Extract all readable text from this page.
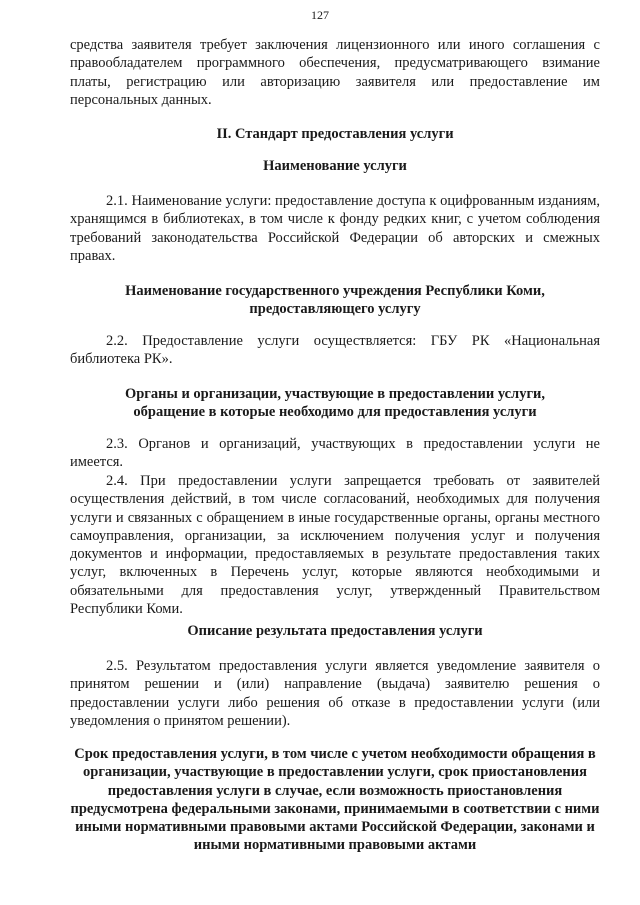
127

средства заявителя требует заключения лицензионного или иного соглашения с правообладателем программного обеспечения, предусматривающего взимание платы, регистрацию или авторизацию заявителя или предоставление им персональных данных.

II. Стандарт предоставления услуги

Наименование услуги

2.1. Наименование услуги: предоставление доступа к оцифрованным изданиям, хранящимся в библиотеках, в том числе к фонду редких книг, с учетом соблюдения требований законодательства Российской Федерации об авторских и смежных правах.

Наименование государственного учреждения Республики Коми,
предоставляющего услугу

2.2. Предоставление услуги осуществляется: ГБУ РК «Национальная библиотека РК».

Органы и организации, участвующие в предоставлении услуги,
обращение в которые необходимо для предоставления услуги

2.3. Органов и организаций, участвующих в предоставлении услуги не имеется.

2.4. При предоставлении услуги запрещается требовать от заявителей осуществления действий, в том числе согласований, необходимых для получения услуги и связанных с обращением в иные государственные органы, органы местного самоуправления, организации, за исключением получения услуг и получения документов и информации, предоставляемых в результате предоставления таких услуг, включенных в Перечень услуг, которые являются необходимыми и обязательными для предоставления услуг, утвержденный Правительством Республики Коми.

Описание результата предоставления услуги

2.5. Результатом предоставления услуги является уведомление заявителя о принятом решении и (или) направление (выдача) заявителю решения о предоставлении услуги либо решения об отказе в предоставлении услуги (или уведомления о принятом решении).

Срок предоставления услуги, в том числе с учетом необходимости обращения в организации, участвующие в предоставлении услуги, срок приостановления предоставления услуги в случае, если возможность приостановления предусмотрена федеральными законами, принимаемыми в соответствии с ними иными нормативными правовыми актами Российской Федерации, законами и иными нормативными правовыми актами
